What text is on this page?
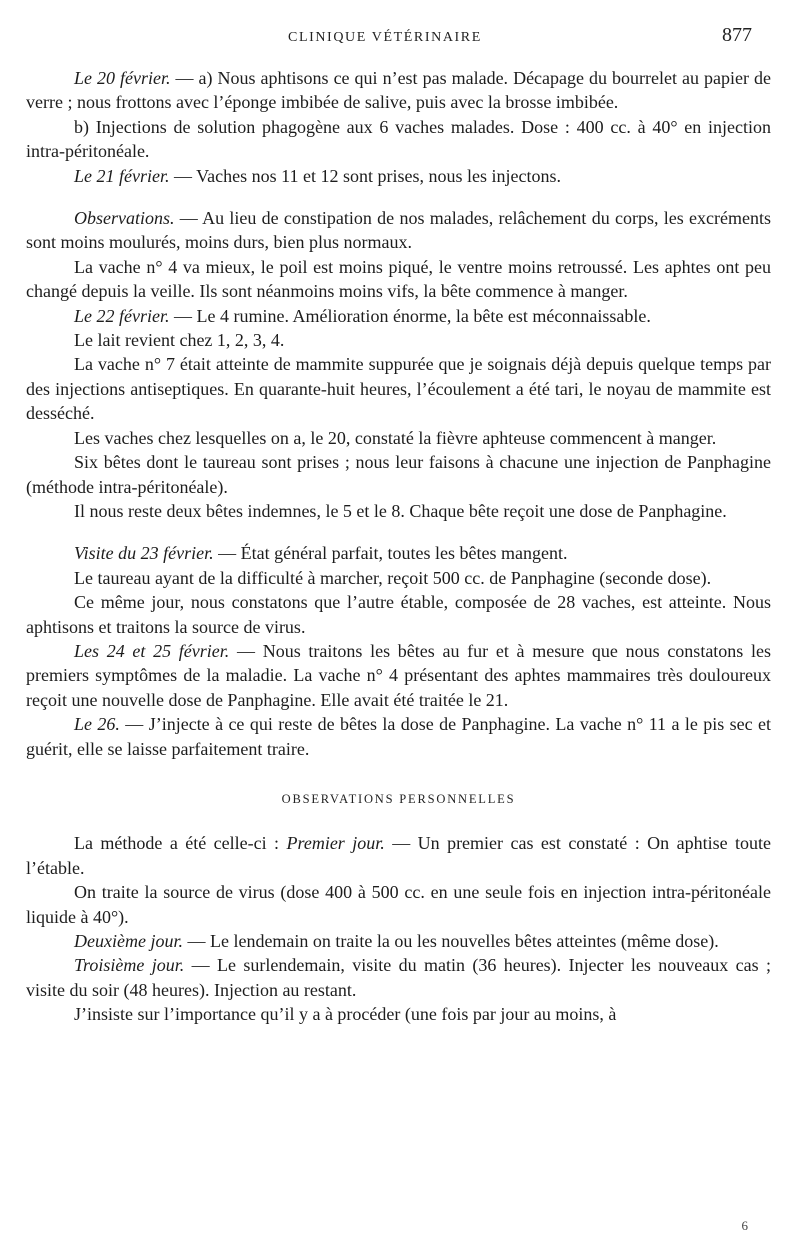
CLINIQUE VÉTÉRINAIRE	877

Le 20 février. — a) Nous aphtisons ce qui n’est pas malade. Décapage du bourrelet au papier de verre ; nous frottons avec l’éponge imbibée de salive, puis avec la brosse imbibée.

b) Injections de solution phagogène aux 6 vaches malades. Dose : 400 cc. à 40° en injection intra-péritonéale.

Le 21 février. — Vaches nos 11 et 12 sont prises, nous les injectons.

Observations. — Au lieu de constipation de nos malades, relâchement du corps, les excréments sont moins moulurés, moins durs, bien plus normaux.

La vache n° 4 va mieux, le poil est moins piqué, le ventre moins retroussé. Les aphtes ont peu changé depuis la veille. Ils sont néanmoins moins vifs, la bête commence à manger.

Le 22 février. — Le 4 rumine. Amélioration énorme, la bête est méconnaissable.

Le lait revient chez 1, 2, 3, 4.

La vache n° 7 était atteinte de mammite suppurée que je soignais déjà depuis quelque temps par des injections antiseptiques. En quarante-huit heures, l’écoulement a été tari, le noyau de mammite est desséché.

Les vaches chez lesquelles on a, le 20, constaté la fièvre aphteuse commencent à manger.

Six bêtes dont le taureau sont prises ; nous leur faisons à chacune une injection de Panphagine (méthode intra-péritonéale).

Il nous reste deux bêtes indemnes, le 5 et le 8. Chaque bête reçoit une dose de Panphagine.

Visite du 23 février. — État général parfait, toutes les bêtes mangent.

Le taureau ayant de la difficulté à marcher, reçoit 500 cc. de Panphagine (seconde dose).

Ce même jour, nous constatons que l’autre étable, composée de 28 vaches, est atteinte. Nous aphtisons et traitons la source de virus.

Les 24 et 25 février. — Nous traitons les bêtes au fur et à mesure que nous constatons les premiers symptômes de la maladie. La vache n° 4 présentant des aphtes mammaires très douloureux reçoit une nouvelle dose de Panphagine. Elle avait été traitée le 21.

Le 26. — J’injecte à ce qui reste de bêtes la dose de Panphagine. La vache n° 11 a le pis sec et guérit, elle se laisse parfaitement traire.

OBSERVATIONS PERSONNELLES

La méthode a été celle-ci : Premier jour. — Un premier cas est constaté : On aphtise toute l’étable.

On traite la source de virus (dose 400 à 500 cc. en une seule fois en injection intra-péritonéale liquide à 40°).

Deuxième jour. — Le lendemain on traite la ou les nouvelles bêtes atteintes (même dose).

Troisième jour. — Le surlendemain, visite du matin (36 heures). Injecter les nouveaux cas ; visite du soir (48 heures). Injection au restant.

J’insiste sur l’importance qu’il y a à procéder (une fois par jour au moins, à

6
